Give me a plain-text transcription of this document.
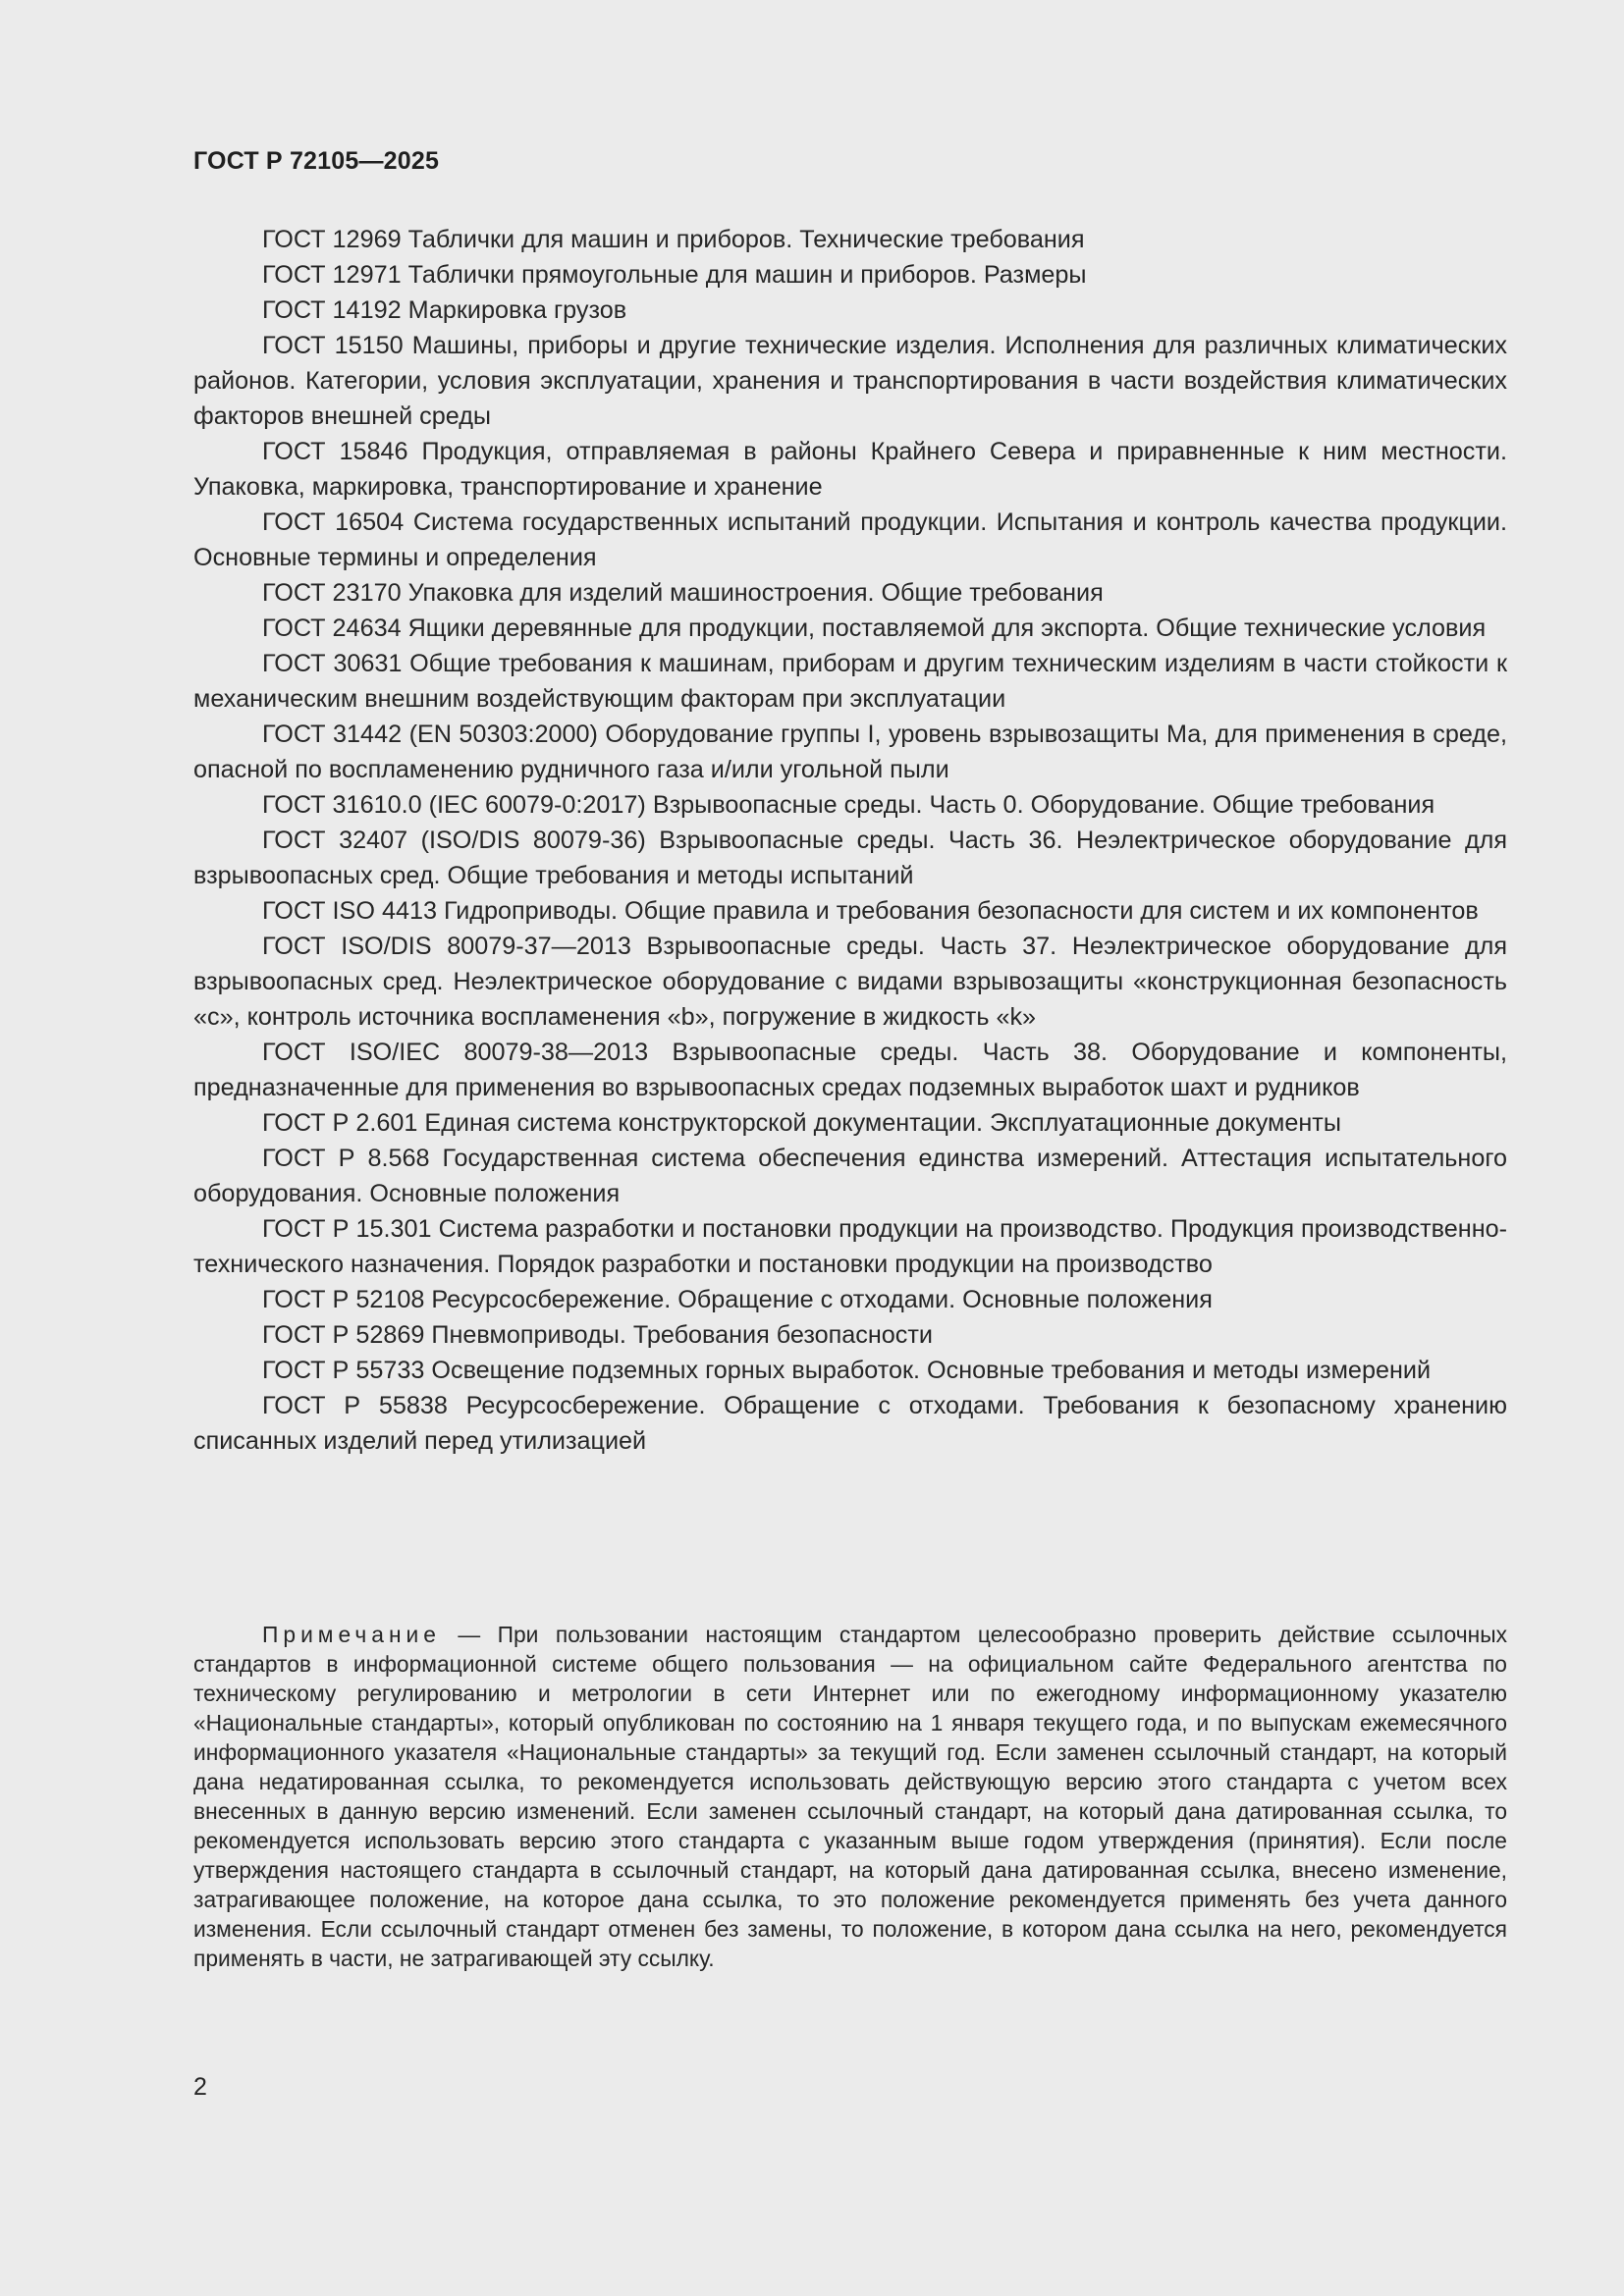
ГОСТ Р 72105—2025

ГОСТ 12969 Таблички для машин и приборов. Технические требования

ГОСТ 12971 Таблички прямоугольные для машин и приборов. Размеры

ГОСТ 14192 Маркировка грузов

ГОСТ 15150 Машины, приборы и другие технические изделия. Исполнения для различных климатических районов. Категории, условия эксплуатации, хранения и транспортирования в части воздействия климатических факторов внешней среды

ГОСТ 15846 Продукция, отправляемая в районы Крайнего Севера и приравненные к ним местности. Упаковка, маркировка, транспортирование и хранение

ГОСТ 16504 Система государственных испытаний продукции. Испытания и контроль качества продукции. Основные термины и определения

ГОСТ 23170 Упаковка для изделий машиностроения. Общие требования

ГОСТ 24634 Ящики деревянные для продукции, поставляемой для экспорта. Общие технические условия

ГОСТ 30631 Общие требования к машинам, приборам и другим техническим изделиям в части стойкости к механическим внешним воздействующим факторам при эксплуатации

ГОСТ 31442 (EN 50303:2000) Оборудование группы I, уровень взрывозащиты Ма, для применения в среде, опасной по воспламенению рудничного газа и/или угольной пыли

ГОСТ 31610.0 (IEC 60079-0:2017) Взрывоопасные среды. Часть 0. Оборудование. Общие требования

ГОСТ 32407 (ISO/DIS 80079-36) Взрывоопасные среды. Часть 36. Неэлектрическое оборудование для взрывоопасных сред. Общие требования и методы испытаний

ГОСТ ISO 4413 Гидроприводы. Общие правила и требования безопасности для систем и их компонентов

ГОСТ ISO/DIS 80079-37—2013 Взрывоопасные среды. Часть 37. Неэлектрическое оборудование для взрывоопасных сред. Неэлектрическое оборудование с видами взрывозащиты «конструкционная безопасность «c», контроль источника воспламенения «b», погружение в жидкость «k»

ГОСТ ISO/IEC 80079-38—2013 Взрывоопасные среды. Часть 38. Оборудование и компоненты, предназначенные для применения во взрывоопасных средах подземных выработок шахт и рудников

ГОСТ Р 2.601 Единая система конструкторской документации. Эксплуатационные документы

ГОСТ Р 8.568 Государственная система обеспечения единства измерений. Аттестация испытательного оборудования. Основные положения

ГОСТ Р 15.301 Система разработки и постановки продукции на производство. Продукция производственно-технического назначения. Порядок разработки и постановки продукции на производство

ГОСТ Р 52108 Ресурсосбережение. Обращение с отходами. Основные положения

ГОСТ Р 52869 Пневмоприводы. Требования безопасности

ГОСТ Р 55733 Освещение подземных горных выработок. Основные требования и методы измерений

ГОСТ Р 55838 Ресурсосбережение. Обращение с отходами. Требования к безопасному хранению списанных изделий перед утилизацией

Примечание — При пользовании настоящим стандартом целесообразно проверить действие ссылочных стандартов в информационной системе общего пользования — на официальном сайте Федерального агентства по техническому регулированию и метрологии в сети Интернет или по ежегодному информационному указателю «Национальные стандарты», который опубликован по состоянию на 1 января текущего года, и по выпускам ежемесячного информационного указателя «Национальные стандарты» за текущий год. Если заменен ссылочный стандарт, на который дана недатированная ссылка, то рекомендуется использовать действующую версию этого стандарта с учетом всех внесенных в данную версию изменений. Если заменен ссылочный стандарт, на который дана датированная ссылка, то рекомендуется использовать версию этого стандарта с указанным выше годом утверждения (принятия). Если после утверждения настоящего стандарта в ссылочный стандарт, на который дана датированная ссылка, внесено изменение, затрагивающее положение, на которое дана ссылка, то это положение рекомендуется применять без учета данного изменения. Если ссылочный стандарт отменен без замены, то положение, в котором дана ссылка на него, рекомендуется применять в части, не затрагивающей эту ссылку.

2
